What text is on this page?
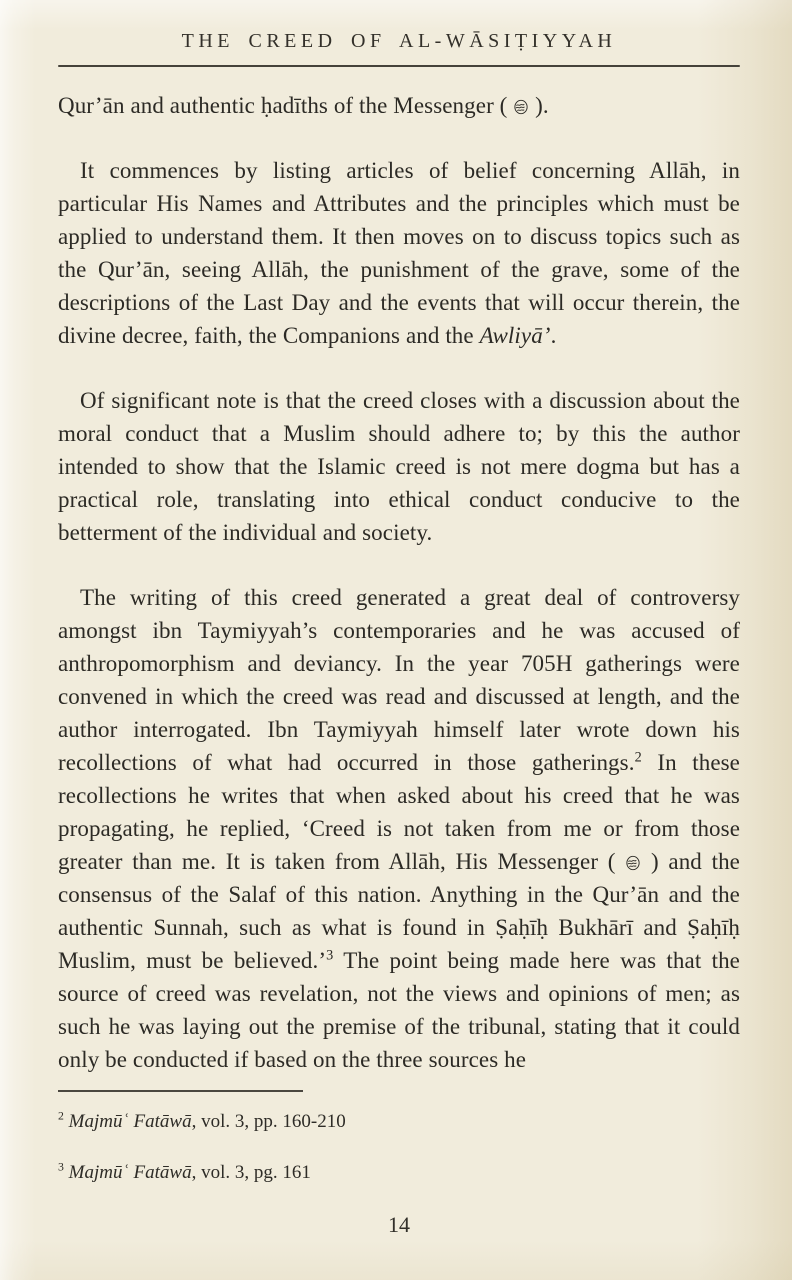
THE CREED OF AL-WĀSIṬIYYAH

Qur’ān and authentic ḥadīths of the Messenger ( ).

It commences by listing articles of belief concerning Allāh, in particular His Names and Attributes and the principles which must be applied to understand them. It then moves on to discuss topics such as the Qur’ān, seeing Allāh, the punishment of the grave, some of the descriptions of the Last Day and the events that will occur therein, the divine decree, faith, the Companions and the Awliyā’.

Of significant note is that the creed closes with a discussion about the moral conduct that a Muslim should adhere to; by this the author intended to show that the Islamic creed is not mere dogma but has a practical role, translating into ethical conduct conducive to the betterment of the individual and society.

The writing of this creed generated a great deal of controversy amongst ibn Taymiyyah’s contemporaries and he was accused of anthropomorphism and deviancy. In the year 705H gatherings were convened in which the creed was read and discussed at length, and the author interrogated. Ibn Taymiyyah himself later wrote down his recollections of what had occurred in those gatherings.$^2$ In these recollections he writes that when asked about his creed that he was propagating, he replied, ‘Creed is not taken from me or from those greater than me. It is taken from Allāh, His Messenger ( ) and the consensus of the Salaf of this nation. Anything in the Qur’ān and the authentic Sunnah, such as what is found in Ṣaḥīḥ Bukhārī and Ṣaḥīḥ Muslim, must be believed.’$^3$ The point being made here was that the source of creed was revelation, not the views and opinions of men; as such he was laying out the premise of the tribunal, stating that it could only be conducted if based on the three sources he

$^2$ Majmūʿ Fatāwā, vol. 3, pp. 160-210

$^3$ Majmūʿ Fatāwā, vol. 3, pg. 161

14
